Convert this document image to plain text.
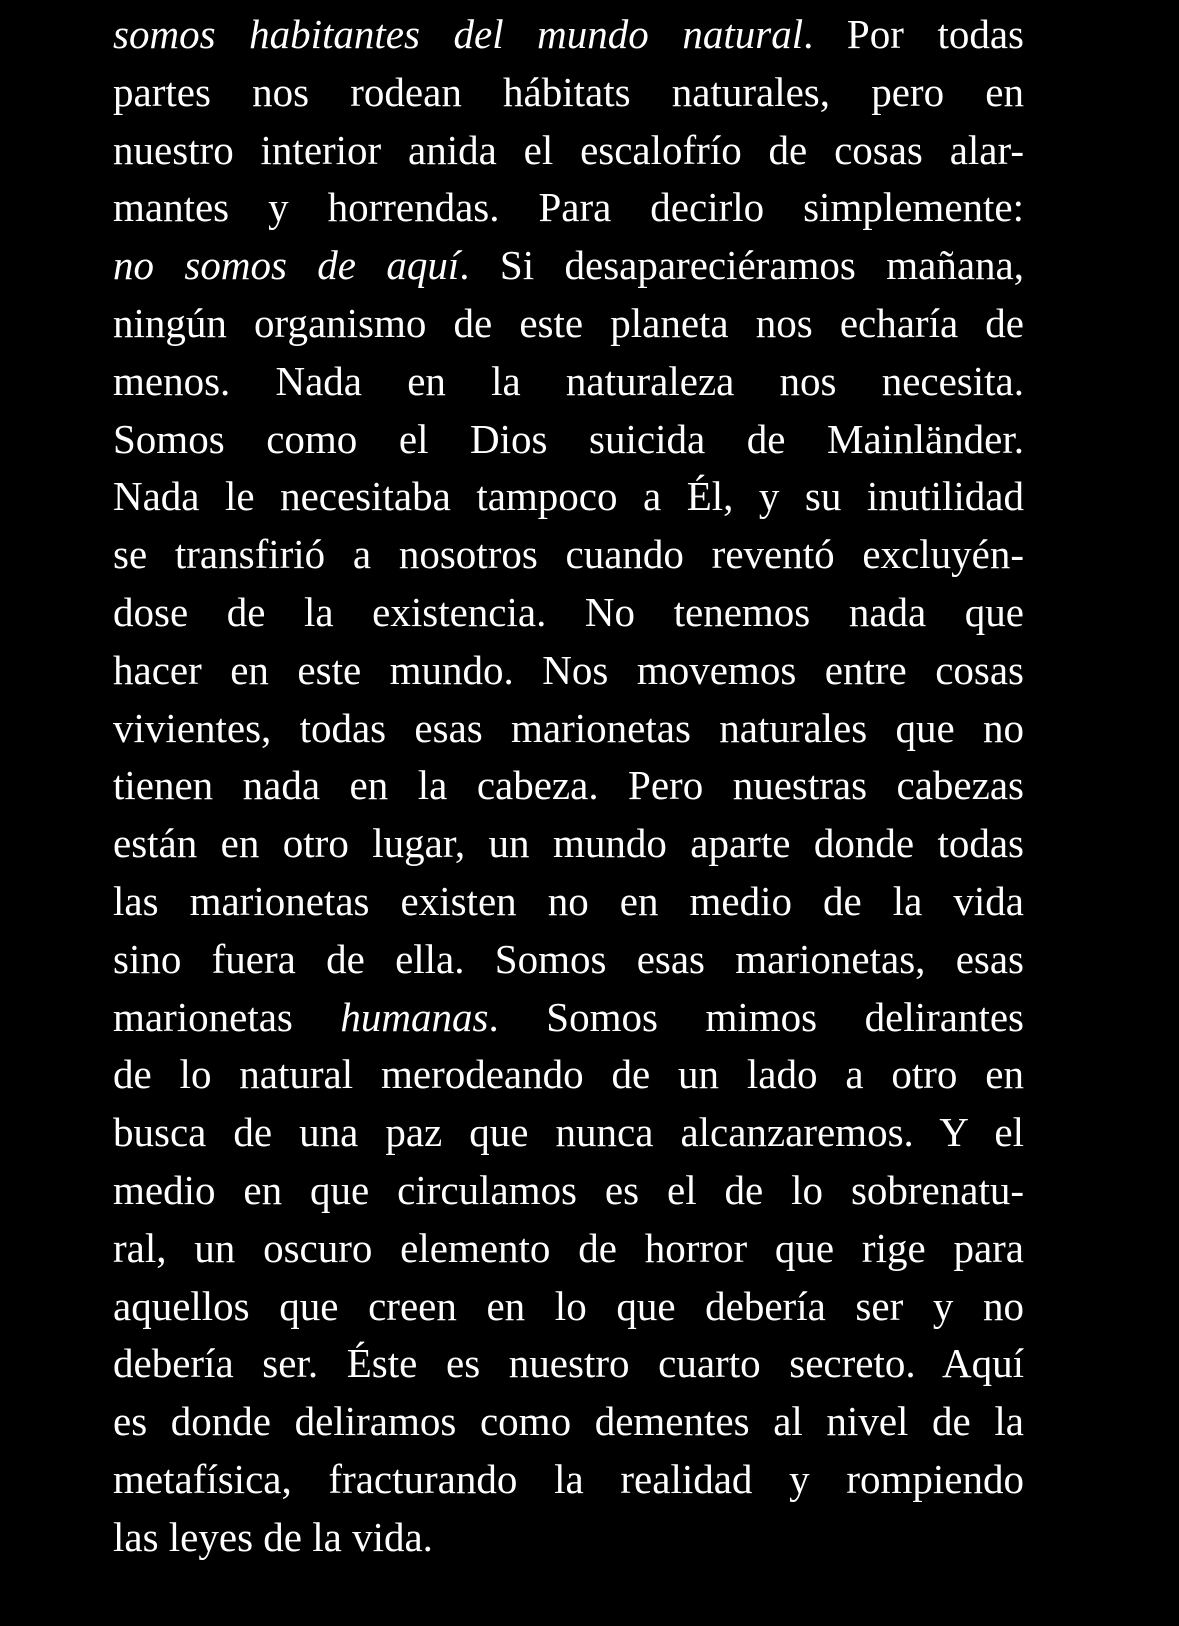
somos habitantes del mundo natural. Por todas
partes nos rodean hábitats naturales, pero en
nuestro interior anida el escalofrío de cosas alar-
mantes y horrendas. Para decirlo simplemente:
no somos de aquí. Si desapareciéramos mañana,
ningún organismo de este planeta nos echaría de
menos. Nada en la naturaleza nos necesita.
Somos como el Dios suicida de Mainländer.
Nada le necesitaba tampoco a Él, y su inutilidad
se transfirió a nosotros cuando reventó excluyén-
dose de la existencia. No tenemos nada que
hacer en este mundo. Nos movemos entre cosas
vivientes, todas esas marionetas naturales que no
tienen nada en la cabeza. Pero nuestras cabezas
están en otro lugar, un mundo aparte donde todas
las marionetas existen no en medio de la vida
sino fuera de ella. Somos esas marionetas, esas
marionetas humanas. Somos mimos delirantes
de lo natural merodeando de un lado a otro en
busca de una paz que nunca alcanzaremos. Y el
medio en que circulamos es el de lo sobrenatu-
ral, un oscuro elemento de horror que rige para
aquellos que creen en lo que debería ser y no
debería ser. Éste es nuestro cuarto secreto. Aquí
es donde deliramos como dementes al nivel de la
metafísica, fracturando la realidad y rompiendo
las leyes de la vida.
